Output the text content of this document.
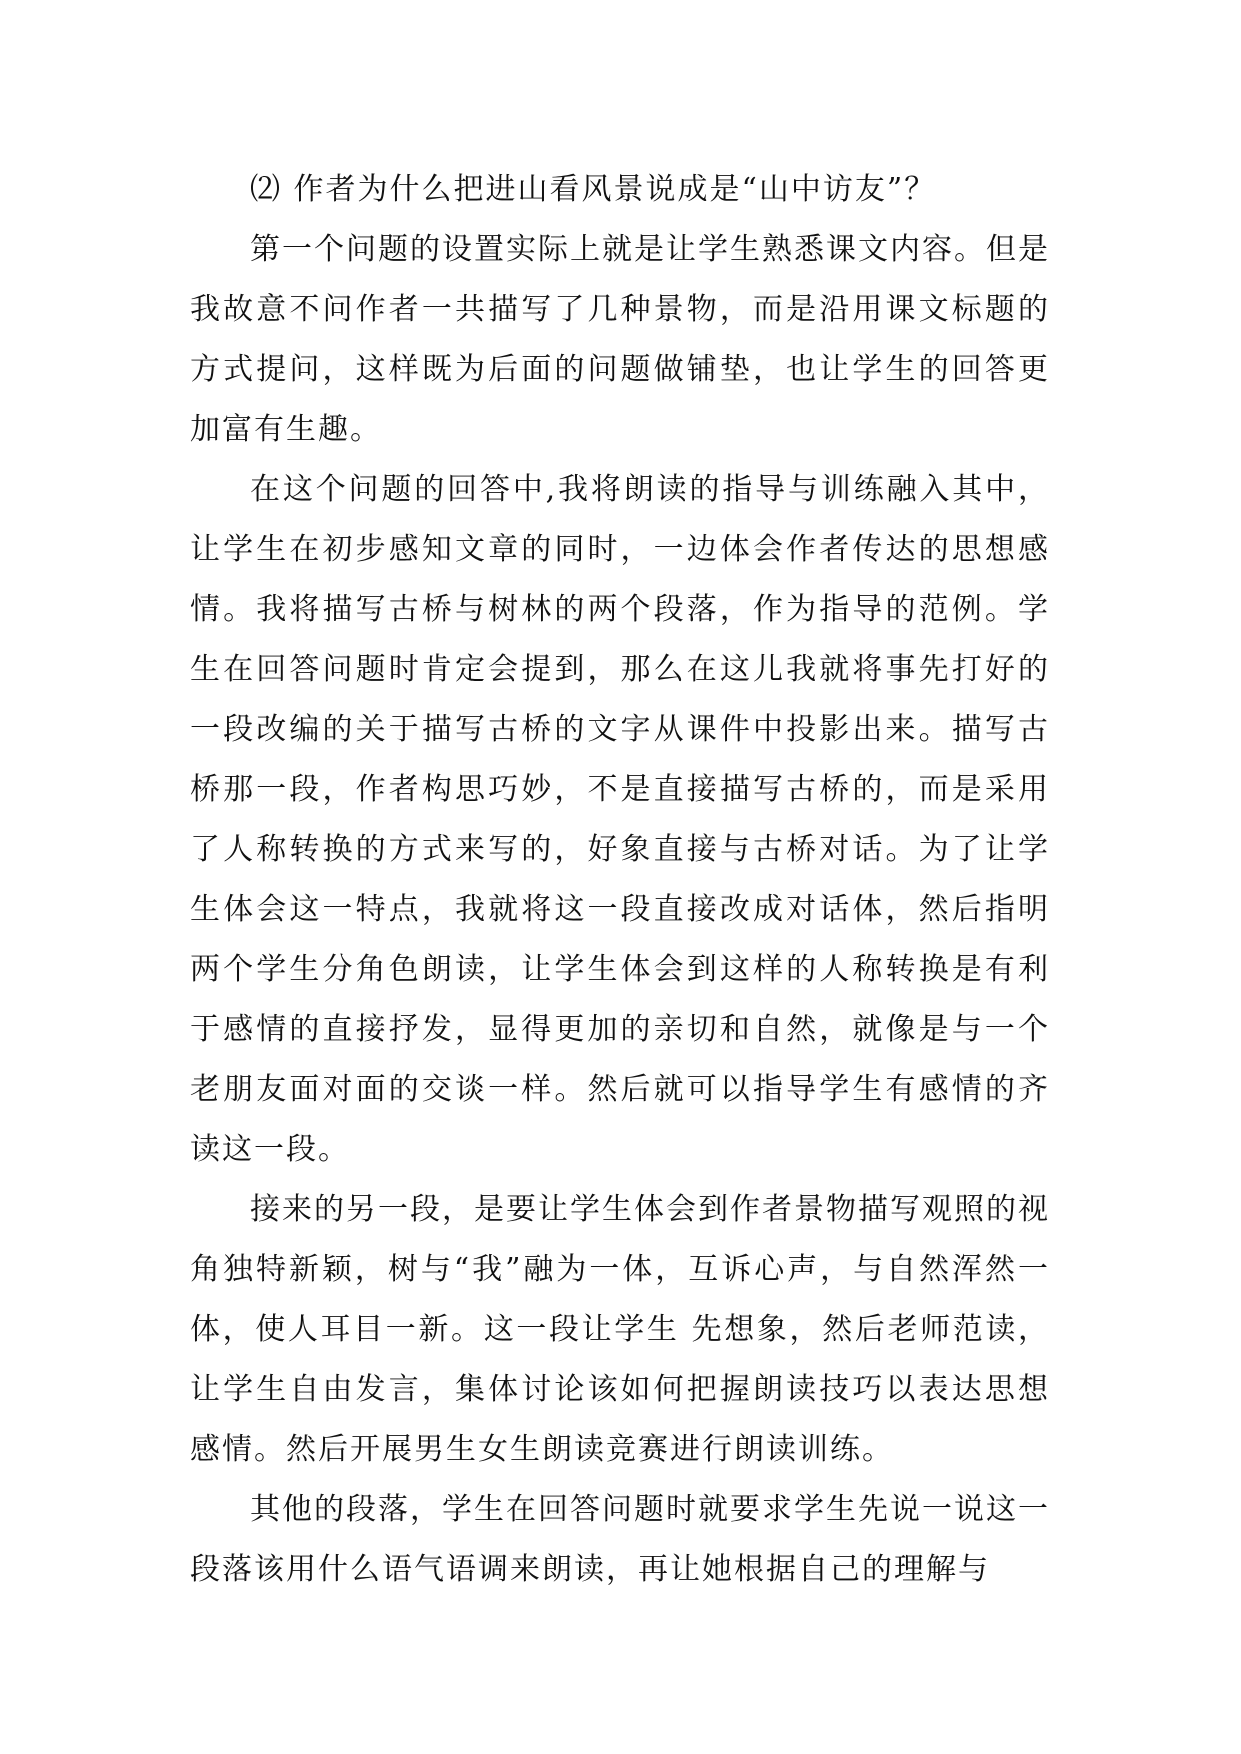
⑵ 作者为什么把进山看风景说成是“山中访友”？

第一个问题的设置实际上就是让学生熟悉课文内容。但是我故意不问作者一共描写了几种景物，而是沿用课文标题的方式提问，这样既为后面的问题做铺垫，也让学生的回答更加富有生趣。

在这个问题的回答中,我将朗读的指导与训练融入其中，让学生在初步感知文章的同时，一边体会作者传达的思想感情。我将描写古桥与树林的两个段落，作为指导的范例。学生在回答问题时肯定会提到，那么在这儿我就将事先打好的一段改编的关于描写古桥的文字从课件中投影出来。描写古桥那一段，作者构思巧妙，不是直接描写古桥的，而是采用了人称转换的方式来写的，好象直接与古桥对话。为了让学生体会这一特点，我就将这一段直接改成对话体，然后指明两个学生分角色朗读，让学生体会到这样的人称转换是有利于感情的直接抒发，显得更加的亲切和自然，就像是与一个老朋友面对面的交谈一样。然后就可以指导学生有感情的齐读这一段。

接来的另一段，是要让学生体会到作者景物描写观照的视角独特新颖，树与“我”融为一体，互诉心声，与自然浑然一体，使人耳目一新。这一段让学生 先想象，然后老师范读，让学生自由发言，集体讨论该如何把握朗读技巧以表达思想感情。然后开展男生女生朗读竞赛进行朗读训练。

其他的段落，学生在回答问题时就要求学生先说一说这一段落该用什么语气语调来朗读，再让她根据自己的理解与
